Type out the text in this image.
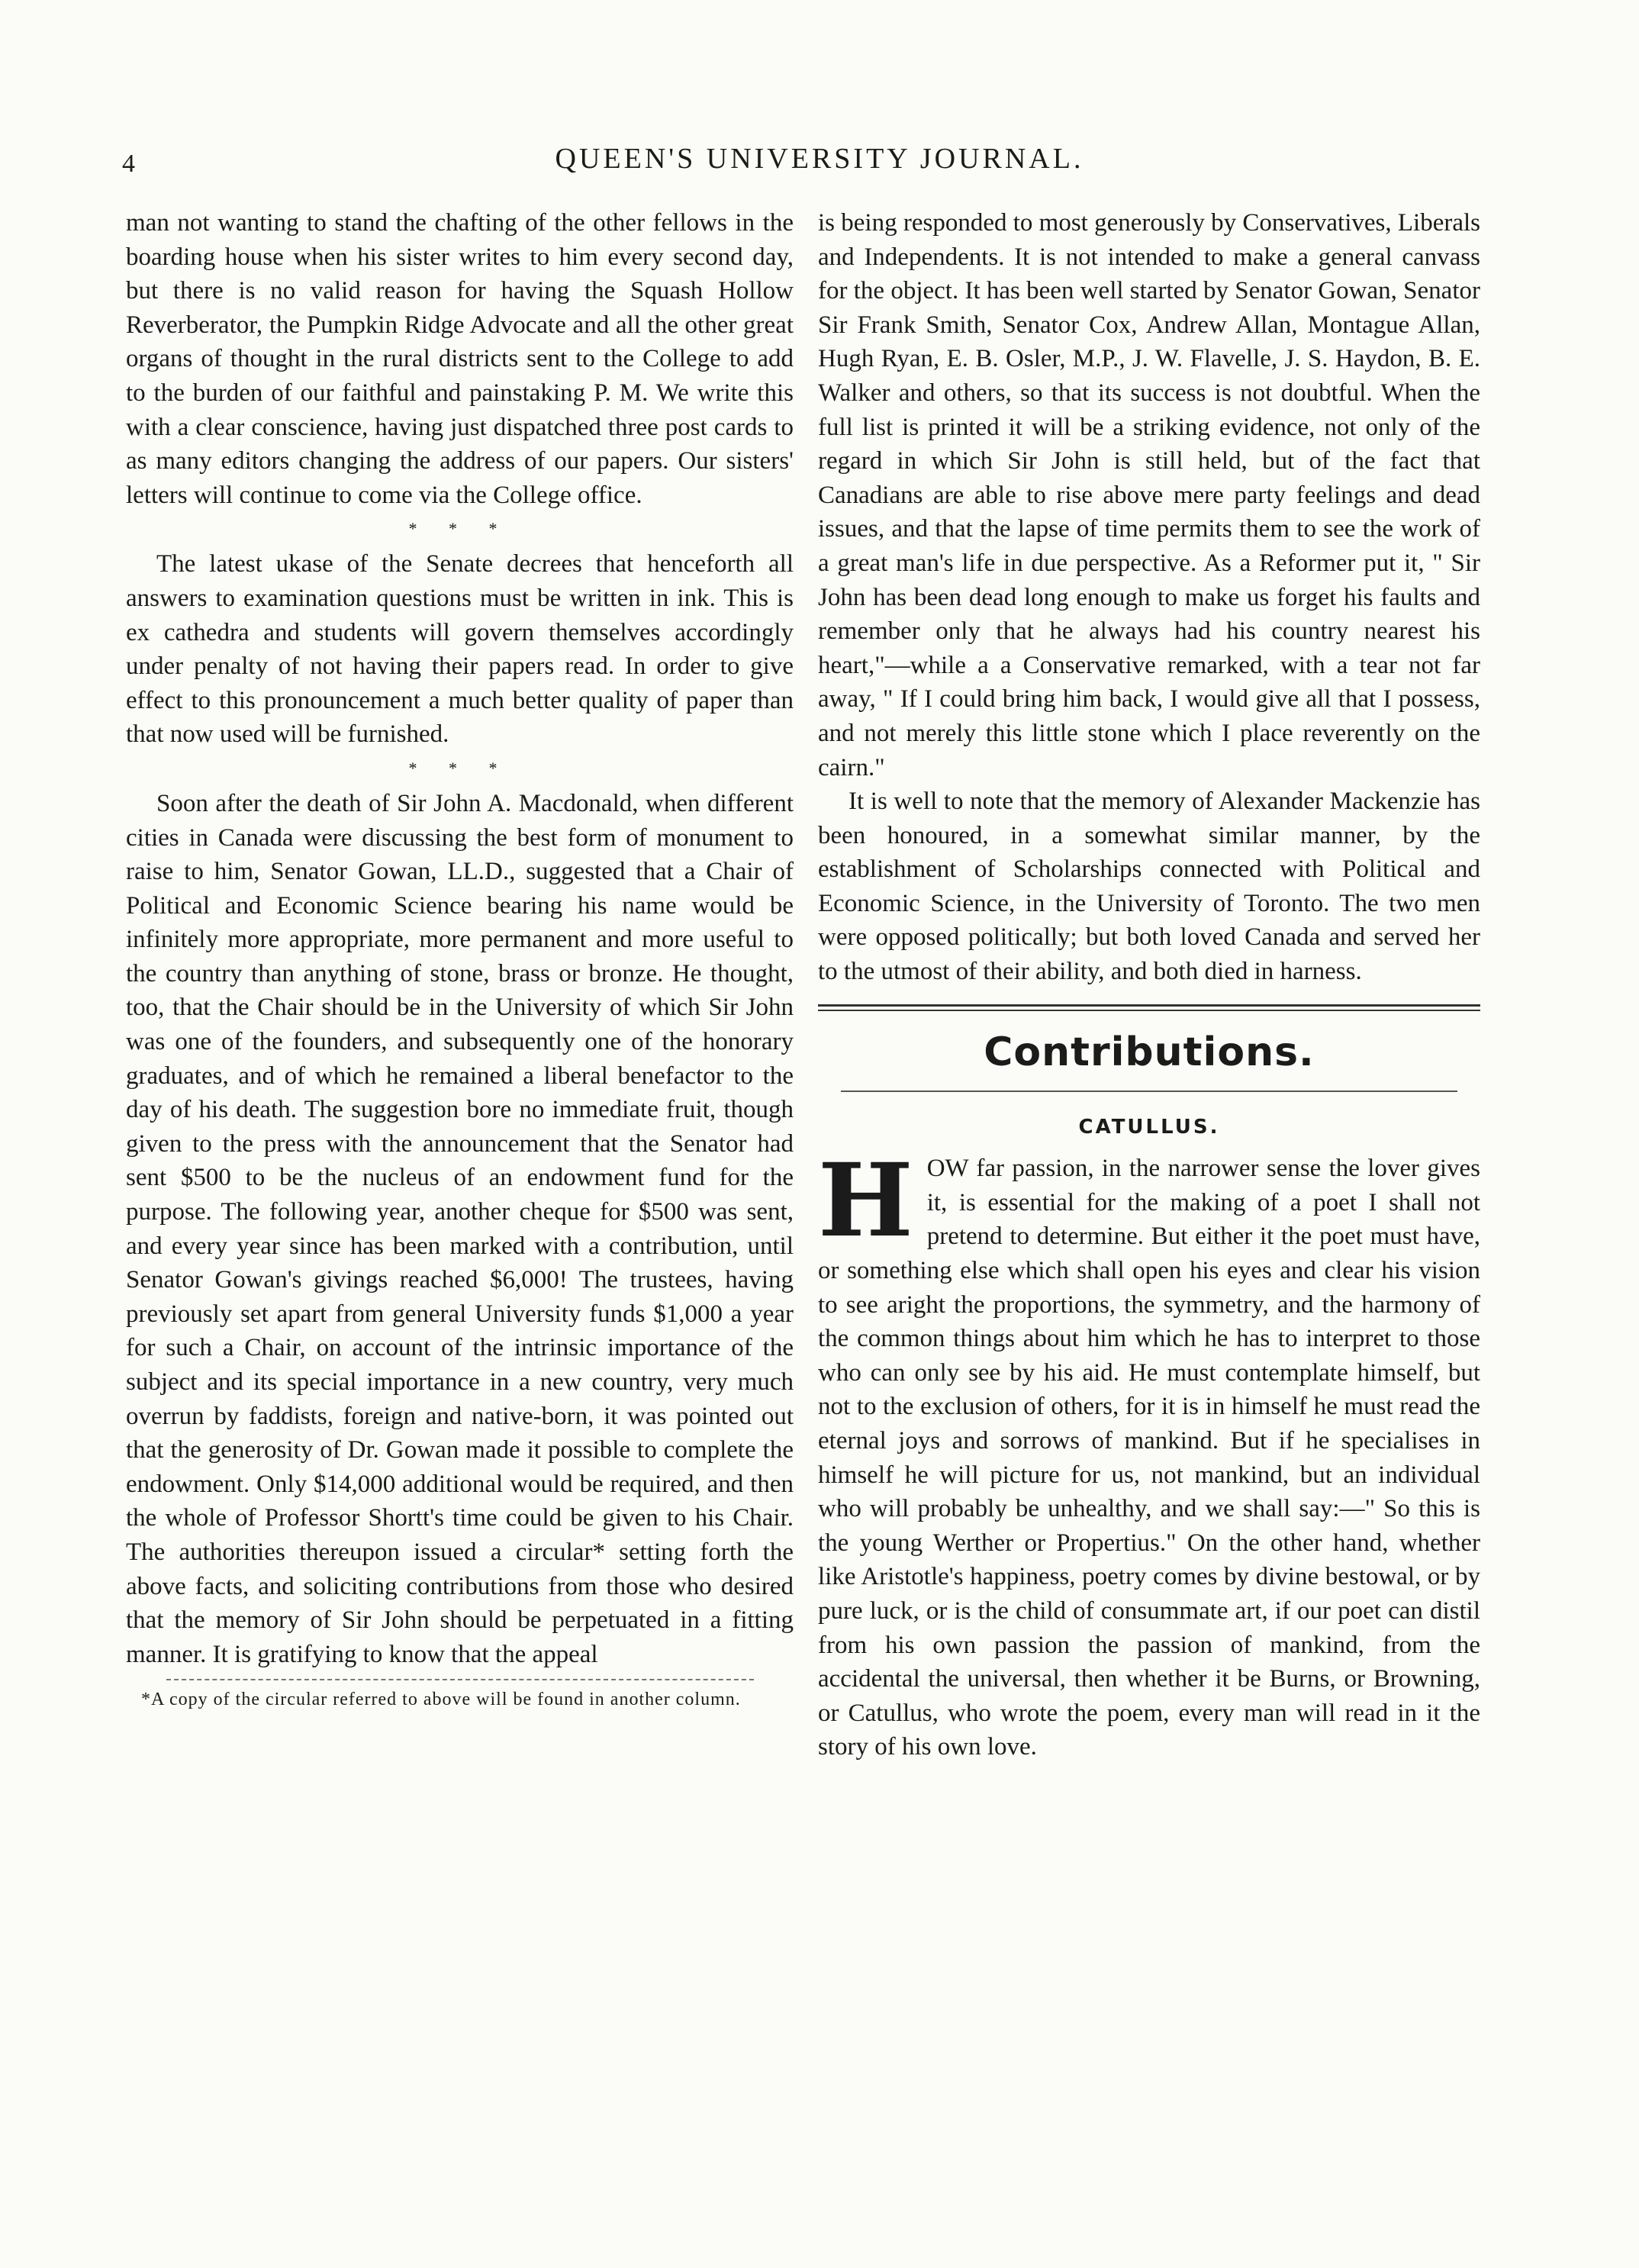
4	QUEEN'S UNIVERSITY JOURNAL.

man not wanting to stand the chafting of the other fellows in the boarding house when his sister writes to him every second day, but there is no valid reason for having the Squash Hollow Reverberator, the Pumpkin Ridge Advocate and all the other great organs of thought in the rural districts sent to the College to add to the burden of our faithful and painstaking P. M. We write this with a clear conscience, having just dispatched three post cards to as many editors changing the address of our papers. Our sisters' letters will continue to come via the College office.

* * *

The latest ukase of the Senate decrees that henceforth all answers to examination questions must be written in ink. This is ex cathedra and students will govern themselves accordingly under penalty of not having their papers read. In order to give effect to this pronouncement a much better quality of paper than that now used will be furnished.

* * *

Soon after the death of Sir John A. Macdonald, when different cities in Canada were discussing the best form of monument to raise to him, Senator Gowan, LL.D., suggested that a Chair of Political and Economic Science bearing his name would be infinitely more appropriate, more permanent and more useful to the country than anything of stone, brass or bronze. He thought, too, that the Chair should be in the University of which Sir John was one of the founders, and subsequently one of the honorary graduates, and of which he remained a liberal benefactor to the day of his death. The suggestion bore no immediate fruit, though given to the press with the announcement that the Senator had sent $500 to be the nucleus of an endowment fund for the purpose. The following year, another cheque for $500 was sent, and every year since has been marked with a contribution, until Senator Gowan's givings reached $6,000! The trustees, having previously set apart from general University funds $1,000 a year for such a Chair, on account of the intrinsic importance of the subject and its special importance in a new country, very much overrun by faddists, foreign and native-born, it was pointed out that the generosity of Dr. Gowan made it possible to complete the endowment. Only $14,000 additional would be required, and then the whole of Professor Shortt's time could be given to his Chair. The authorities thereupon issued a circular* setting forth the above facts, and soliciting contributions from those who desired that the memory of Sir John should be perpetuated in a fitting manner. It is gratifying to know that the appeal

*A copy of the circular referred to above will be found in another column.

is being responded to most generously by Conservatives, Liberals and Independents. It is not intended to make a general canvass for the object. It has been well started by Senator Gowan, Senator Sir Frank Smith, Senator Cox, Andrew Allan, Montague Allan, Hugh Ryan, E. B. Osler, M.P., J. W. Flavelle, J. S. Haydon, B. E. Walker and others, so that its success is not doubtful. When the full list is printed it will be a striking evidence, not only of the regard in which Sir John is still held, but of the fact that Canadians are able to rise above mere party feelings and dead issues, and that the lapse of time permits them to see the work of a great man's life in due perspective. As a Reformer put it, " Sir John has been dead long enough to make us forget his faults and remember only that he always had his country nearest his heart,"—while a a Conservative remarked, with a tear not far away, " If I could bring him back, I would give all that I possess, and not merely this little stone which I place reverently on the cairn."

It is well to note that the memory of Alexander Mackenzie has been honoured, in a somewhat similar manner, by the establishment of Scholarships connected with Political and Economic Science, in the University of Toronto. The two men were opposed politically; but both loved Canada and served her to the utmost of their ability, and both died in harness.

Contributions.
CATULLUS.

HOW far passion, in the narrower sense the lover gives it, is essential for the making of a poet I shall not pretend to determine. But either it the poet must have, or something else which shall open his eyes and clear his vision to see aright the proportions, the symmetry, and the harmony of the common things about him which he has to interpret to those who can only see by his aid. He must contemplate himself, but not to the exclusion of others, for it is in himself he must read the eternal joys and sorrows of mankind. But if he specialises in himself he will picture for us, not mankind, but an individual who will probably be unhealthy, and we shall say:—" So this is the young Werther or Propertius." On the other hand, whether like Aristotle's happiness, poetry comes by divine bestowal, or by pure luck, or is the child of consummate art, if our poet can distil from his own passion the passion of mankind, from the accidental the universal, then whether it be Burns, or Browning, or Catullus, who wrote the poem, every man will read in it the story of his own love.
